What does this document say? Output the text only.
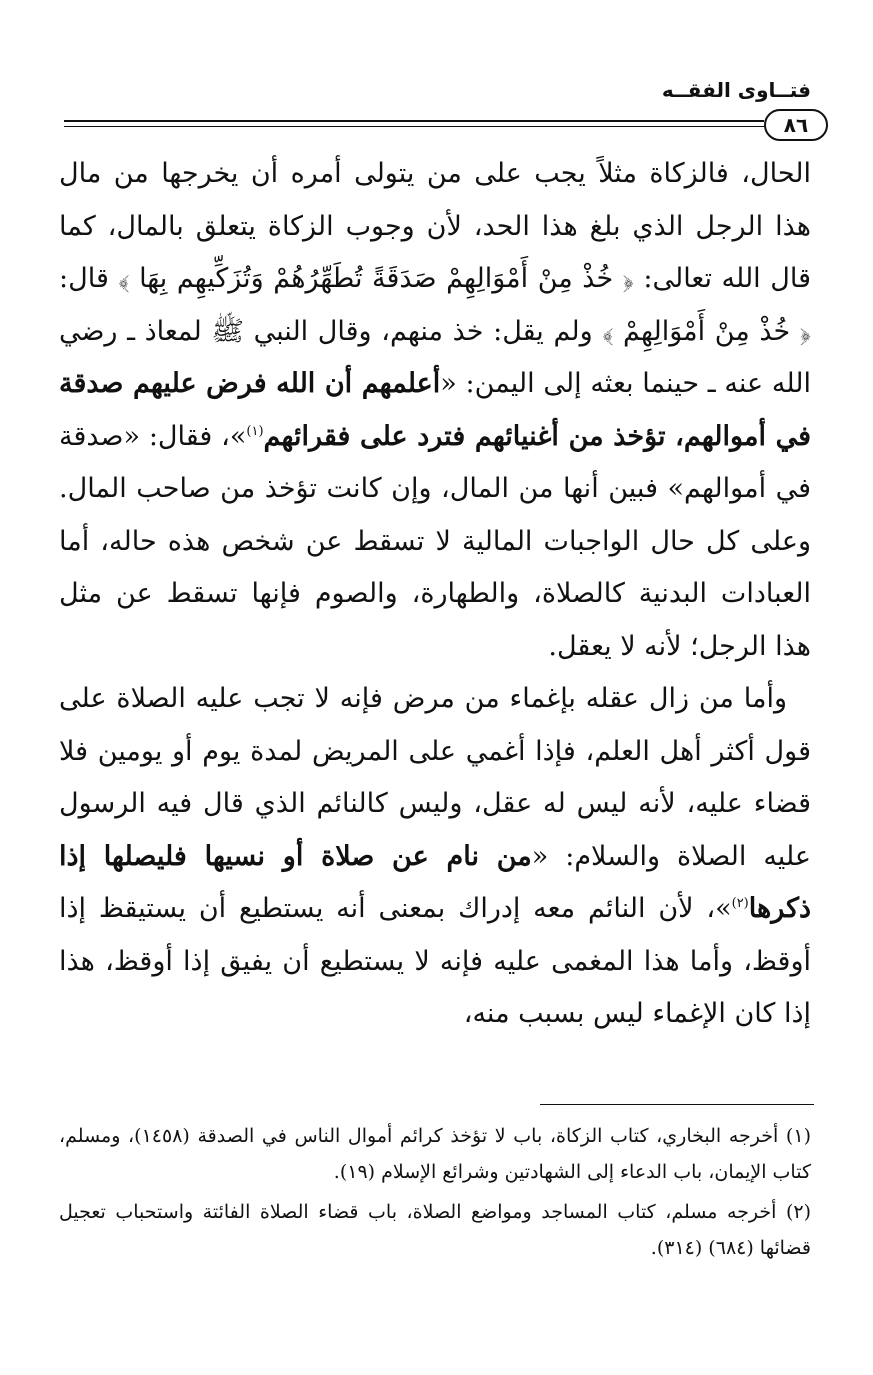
فتــاوى الفقــه
٨٦

الحال، فالزكاة مثلاً يجب على من يتولى أمره أن يخرجها من مال هذا الرجل الذي بلغ هذا الحد، لأن وجوب الزكاة يتعلق بالمال، كما قال الله تعالى: ﴿ خُذْ مِنْ أَمْوَالِهِمْ صَدَقَةً تُطَهِّرُهُمْ وَتُزَكِّيهِم بِهَا ﴾ قال: ﴿ خُذْ مِنْ أَمْوَالِهِمْ ﴾ ولم يقل: خذ منهم، وقال النبي ﷺ لمعاذ ـ رضي الله عنه ـ حينما بعثه إلى اليمن: «أعلمهم أن الله فرض عليهم صدقة في أموالهم، تؤخذ من أغنيائهم فترد على فقرائهم$^{(١)}$»، فقال: «صدقة في أموالهم» فبين أنها من المال، وإن كانت تؤخذ من صاحب المال. وعلى كل حال الواجبات المالية لا تسقط عن شخص هذه حاله، أما العبادات البدنية كالصلاة، والطهارة، والصوم فإنها تسقط عن مثل هذا الرجل؛ لأنه لا يعقل.

وأما من زال عقله بإغماء من مرض فإنه لا تجب عليه الصلاة على قول أكثر أهل العلم، فإذا أغمي على المريض لمدة يوم أو يومين فلا قضاء عليه، لأنه ليس له عقل، وليس كالنائم الذي قال فيه الرسول عليه الصلاة والسلام: «من نام عن صلاة أو نسيها فليصلها إذا ذكرها$^{(٢)}$»، لأن النائم معه إدراك بمعنى أنه يستطيع أن يستيقظ إذا أوقظ، وأما هذا المغمى عليه فإنه لا يستطيع أن يفيق إذا أوقظ، هذا إذا كان الإغماء ليس بسبب منه،

(١) أخرجه البخاري، كتاب الزكاة، باب لا تؤخذ كرائم أموال الناس في الصدقة (١٤٥٨)، ومسلم، كتاب الإيمان، باب الدعاء إلى الشهادتين وشرائع الإسلام (١٩).

(٢) أخرجه مسلم، كتاب المساجد ومواضع الصلاة، باب قضاء الصلاة الفائتة واستحباب تعجيل قضائها (٦٨٤) (٣١٤).
